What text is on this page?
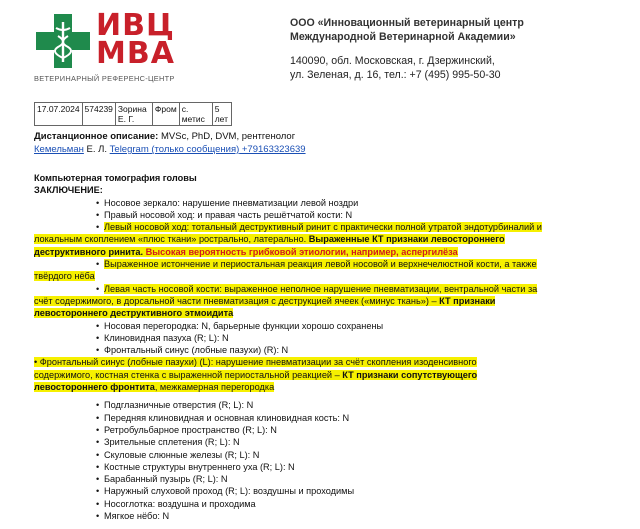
ИВЦ
МВА
ВЕТЕРИНАРНЫЙ РЕФЕРЕНС-ЦЕНТР
ООО «Инновационный ветеринарный центр
Международной Ветеринарной Академии»
140090, обл. Московская, г. Дзержинский,
ул. Зеленая, д. 16, тел.: +7 (495) 995-50-30
17.07.2024	574239	Зорина Е. Г.	Фром	с. метис	5 лет
Дистанционное описание: MVSc, PhD, DVM, рентгенолог
Кемельман Е. Л. Telegram (только сообщения) +79163323639
Компьютерная томография головы
ЗАКЛЮЧЕНИЕ:
• Носовое зеркало: нарушение пневматизации левой ноздри
• Правый носовой ход: и правая часть решётчатой кости: N
• Левый носовой ход: тотальный деструктивный ринит с практически полной утратой эндотурбиналий и
локальным скоплением «плюс ткани» рострально, латерально. Выраженные КТ признаки левостороннего
деструктивного ринита. Высокая вероятность грибковой этиологии, например, аспергилёза
• Выраженное истончение и периостальная реакция левой носовой и верхнечелюстной кости, а также
твёрдого нёба
• Левая часть носовой кости: выраженное неполное нарушение пневматизации, вентральной части за
счёт содержимого, в дорсальной части пневматизация с деструкцией ячеек («минус ткань») – КТ признаки
левостороннего деструктивного этмоидита
• Носовая перегородка: N, барьерные функции хорошо сохранены
• Клиновидная пазуха (R; L): N
• Фронтальный синус (лобные пазухи) (R): N
• Фронтальный синус (лобные пазухи) (L): нарушение пневматизации за счёт скопления изоденсивного
содержимого, костная стенка с выраженной периостальной реакцией – КТ признаки сопутствующего
левостороннего фронтита, межкамерная перегородка
• Подглазничные отверстия (R; L): N
• Передняя клиновидная и основная клиновидная кость: N
• Ретробульбарное пространство (R; L): N
• Зрительные сплетения (R; L): N
• Скуловые слюнные железы (R; L): N
• Костные структуры внутреннего уха (R; L): N
• Барабанный пузырь (R; L): N
• Наружный слуховой проход (R; L): воздушны и проходимы
• Носоглотка: воздушна и проходима
• Мягкое нёбо: N
